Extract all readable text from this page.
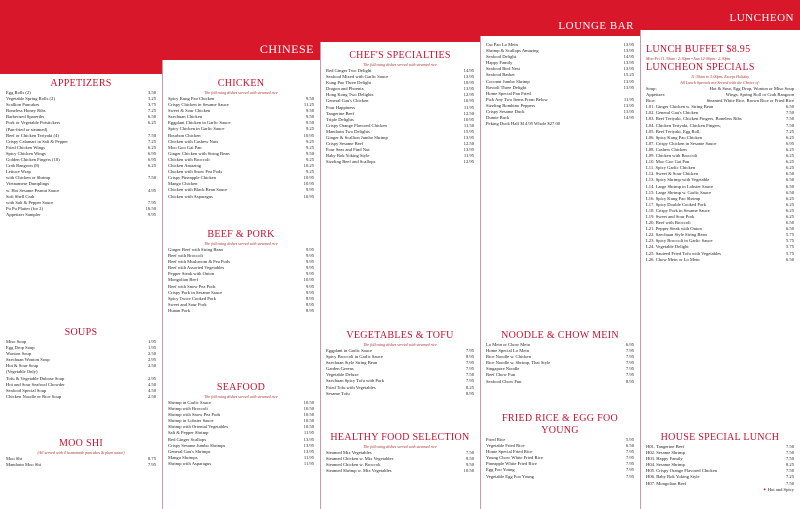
APPETIZERS
Egg Rolls (2)	3.50
Vegetable Spring Rolls (2)	3.25
Scallion Pancakes	3.75
Boneless Honey Ribs	7.25
Barbecued Spareribs	6.50
Pork or Vegetable Potstickers	6.25
(Pan-fried or steamed)
Beef or Chicken Teriyaki (4)	7.50
Crispy Calamari in Salt & Pepper	7.25
Fried Chicken Wings	6.25
Spicy Chicken Wings	6.95
Golden Chicken Fingers (10)	6.95
Crab Rangoon (8)	6.25
Lettuce Wrap
with Chicken or Shrimp	7.50
Vietnamese Dumplings
w. Hot Sesame Peanut Sauce	4.95
Soft Shell Crab
with Salt & Pepper Sauce	7.95
Pu Pu Platter (for 2)	16.50
Appetizer Sampler	9.95
SOUPS
Miso Soup	1.95
Egg Drop Soup	1.95
Wonton Soup	2.50
Szechuan Wonton Soup	2.95
Hot & Sour Soup	2.50
(Vegetable Only)
Tofu & Vegetable Dubose Soup	2.95
Hot and Sour Seafood Chowder	4.50
Seafood Special Soup	4.50
Chicken Noodle or Rice Soup	2.50
MOO SHI
(All served with 4 homemade pancakes & plum sauce)
Moo Shi	8.75
Mandarin Moo Shi	7.95
CHINESE
CHICKEN
The following dishes served with steamed rice
Spicy Kung Pao Chicken	9.50
Crispy Chicken in Sesame Sauce	11.25
Sweet & Sour Chicken	9.50
Szechuan Chicken	9.50
Eggplant Chicken in Garlic Sauce	9.50
Spicy Chicken in Garlic Sauce	9.25
Bourbon Chicken	10.95
Chicken with Cashew Nuts	9.25
Moo Goo Gai Pan	9.25
Ginger Chicken with String Bean	9.50
Chicken with Broccoli	9.25
Chicken Amazing	10.25
Chicken with Snow Pea Pods	9.25
Crispy Pineapple Chicken	10.95
Mango Chicken	10.95
Chicken with Black Bean Sauce	9.95
Chicken with Asparagus	10.95
BEEF & PORK
The following dishes served with steamed rice
Ginger Beef with String Bean	9.95
Beef with Broccoli	9.95
Beef with Mushroom & Pea Pods	9.95
Beef with Assorted Vegetables	9.95
Pepper Steak with Onion	9.95
Mongolian Beef	10.95
Beef with Snow Pea Pods	9.95
Crispy Pork in Sesame Sauce	9.95
Spicy Twice Cooked Pork	8.95
Sweet and Sour Pork	8.95
Hunan Pork	8.95
SEAFOOD
The following dishes served with steamed rice
Shrimp in Garlic Sauce	10.50
Shrimp with Broccoli	10.50
Shrimp with Snow Pea Pods	10.50
Shrimp in Lobster Sauce	10.50
Shrimp with Oriental Vegetables	10.50
Salt & Pepper Shrimp	11.95
Red Ginger Scallops	13.95
Crispy Sesame Jumbo Shrimps	13.95
General Gau's Shrimps	13.95
Mango Shrimps	11.95
Shrimp with Asparagus	11.95
CHEF'S SPECIALTIES
The following dishes served with steamed rice
Red Ginger Two Delight	14.95
Seafood Mixed with Garlic Sauce	13.95
Kung Pao Three Delight	10.95
Dragon and Phoenix	13.95
Hong Kong Two Delights	12.95
General Gau's Chicken	10.95
Four Happiness	11.95
Tangerine Beef	12.50
Triple Delights	10.95
Crispy Orange Flavored Chicken	11.50
Mandarin Two Delights	15.95
Ginger & Scallion Jumbo Shrimp	13.95
Crispy Sesame Beef	12.50
Four Seas and Find Nut	13.95
Baby Bok Yoking Style	11.95
Sizzling Beef and Scallops	12.95
VEGETABLES & TOFU
The following dishes served with steamed rice
Eggplant in Garlic Sauce	7.95
Spicy Broccoli in Garlic Sauce	8.95
Szechuan Style String Bean	7.95
Garden Greens	7.95
Vegetable Deluxe	7.50
Szechuan Spicy Tofu with Pork	7.95
Fried Tofu with Vegetables	8.25
Sesame Tofu	8.95
HEALTHY FOOD SELECTION
The following dishes served with steamed rice
Steamed Mix Vegetables	7.50
Steamed Chicken w. Mix Vegetables	9.50
Steamed Chicken w. Broccoli	9.50
Steamed Shrimp w. Mix Vegetables	10.50
LOUNGE BAR
Cui Pao Lo Mein	13.95
Shrimp & Scallops Amazing	13.95
Seafood Delight	14.95
Happy Family	13.95
Seafood Bird Nest	13.95
Seafood Basket	15.25
Coconut Jumbo Shrimp	13.95
Ravioli Three Delight	13.95
Home Special Pan Fried
Pick Any Two Items From Below	11.95
Sizzling Bombino Peppers	13.95
Crispy Sesame Duck	13.95
Dumie Buck	14.95
Peking Duck Half $14.95 Whole $27.00
NOODLE & CHOW MEIN
Lo Mein or Chow Mein	6.95
Home Special Lo Mein	7.95
Rice Noodle w. Chicken	7.95
Rice Noodle w. Shrimp, Thai Style	7.95
Singapore Noodle	7.95
Beef Chow Fun	7.95
Seafood Chow Fun	8.95
FRIED RICE & EGG FOO YOUNG
Fried Rice	5.95
Vegetable Fried Rice	6.50
Home Special Fried Rice	7.95
Young Chow White Fried Rice	7.95
Pineapple White Fried Rice	7.95
Egg Foo Young	7.95
Vegetable Egg Foo Young	7.95
LUNCHEON
LUNCH BUFFET $8.95
Mon-Fri 11:30am - 2:30pm • Sun 12:00pm - 2:30pm
LUNCHEON SPECIALS
11:30am to 3:00pm, Except Holiday
All Lunch Specials are Served with the Choice of:
Soup:	Hot & Sour, Egg Drop, Wonton or Miso Soup
Appetizer:	Wings, Spring Roll or Crab Rangoon
Rice:	Steamed White Rice, Brown Rice or Fried Rice
L01. Ginger Chicken w. String Bean	6.50
L02. General Gau's Chicken	7.50
L03. Beef Teriyaki, Chicken Fingers, Boneless Ribs	7.50
L04. Chicken Teriyaki, Chicken Fingers,	7.50
L05. Beef Teriyaki, Egg Roll,	7.25
L06. Spicy Kung Pao Chicken	6.25
L07. Crispy Chicken in Sesame Sauce	6.95
L08. Cashew Chicken	6.25
L09. Chicken with Broccoli	6.25
L10. Moo Goo Gai Pan	6.25
L11. Spicy Garlic Chicken	6.25
L12. Sweet & Sour Chicken	6.50
L13. Spicy Shrimp with Vegetable	6.50
L14. Large Shrimp in Lobster Sauce	6.50
L15. Large Shrimp w. Garlic Sauce	6.50
L16. Spicy Kung Pao Shrimp	6.25
L17. Spicy Double Cooked Pork	6.25
L18. Crispy Pork in Sesame Sauce	6.25
L19. Sweet and Sour Pork	6.25
L20. Beef with Broccoli	6.50
L21. Pepper Steak with Onion	6.50
L22. Szechuan Style String Bean	5.75
L23. Spicy Broccoli in Garlic Sauce	5.75
L24. Vegetable Delight	5.75
L25. Sauteed Fried Tofu with Vegetables	5.75
L26. Chow Mein or Lo Mein	6.50
HOUSE SPECIAL LUNCH
H01. Tangerine Beef	7.50
H02. Sesame Shrimp	7.50
H03. Happy Family	7.50
H04. Sesame Shrimp	8.25
H05. Crispy Orange Flavored Chicken	7.50
H06. Baby Bok Yoking Style	7.25
H07. Mongolian Beef	7.50
✦ Hot and Spicy
